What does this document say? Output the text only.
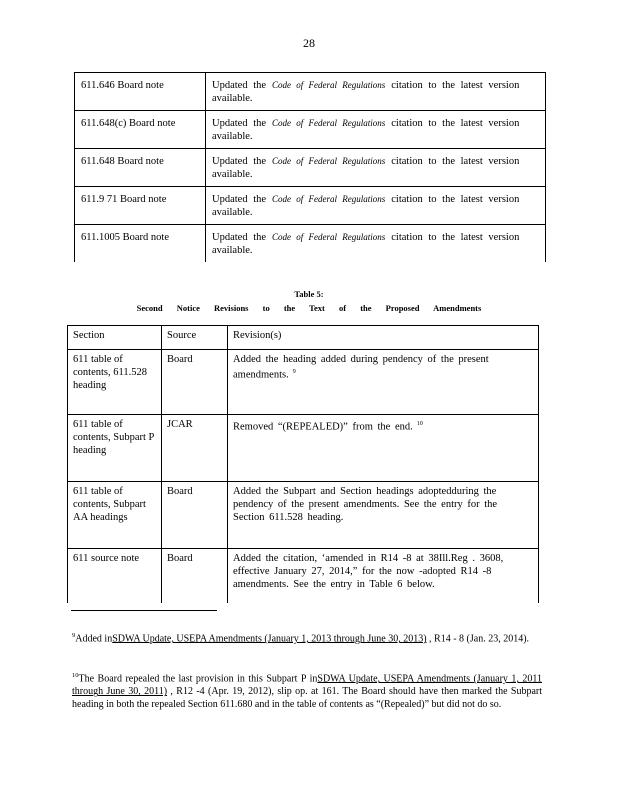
28
611.646 Board note	Updated the Code of Federal Regulations citation to the latest version available.
611.648(c) Board note	Updated the Code of Federal Regulations citation to the latest version available.
611.648 Board note	Updated the Code of Federal Regulations citation to the latest version available.
611.9 71 Board note	Updated the Code of Federal Regulations citation to the latest version available.
611.1005 Board note	Updated the Code of Federal Regulations citation to the latest version available.
Table 5:
Second Notice Revisions to the Text of the Proposed Amendments
Section	Source	Revision(s)
611 table of contents, 611.528 heading	Board	Added the heading added during pendency of the present amendments. $^9$
611 table of contents, Subpart P heading	JCAR	Removed “(REPEALED)” from the end. $^{10}$
611 table of contents, Subpart AA headings	Board	Added the Subpart and Section headings adoptedduring the pendency of the present amendments. See the entry for the Section 611.528 heading.
611 source note	Board	Added the citation, ‘amended in R14 -8 at 38Ill.Reg . 3608, effective January 27, 2014,” for the now -adopted R14 -8 amendments. See the entry in Table 6 below.
$^9$Added inSDWA Update, USEPA Amendments (January 1, 2013 through June 30, 2013) , R14 - 8 (Jan. 23, 2014).
$^{10}$The Board repealed the last provision in this Subpart P inSDWA Update, USEPA Amendments (January 1, 2011 through June 30, 2011) , R12 -4 (Apr. 19, 2012), slip op. at 161. The Board should have then marked the Subpart heading in both the repealed Section 611.680 and in the table of contents as “(Repealed)” but did not do so.
